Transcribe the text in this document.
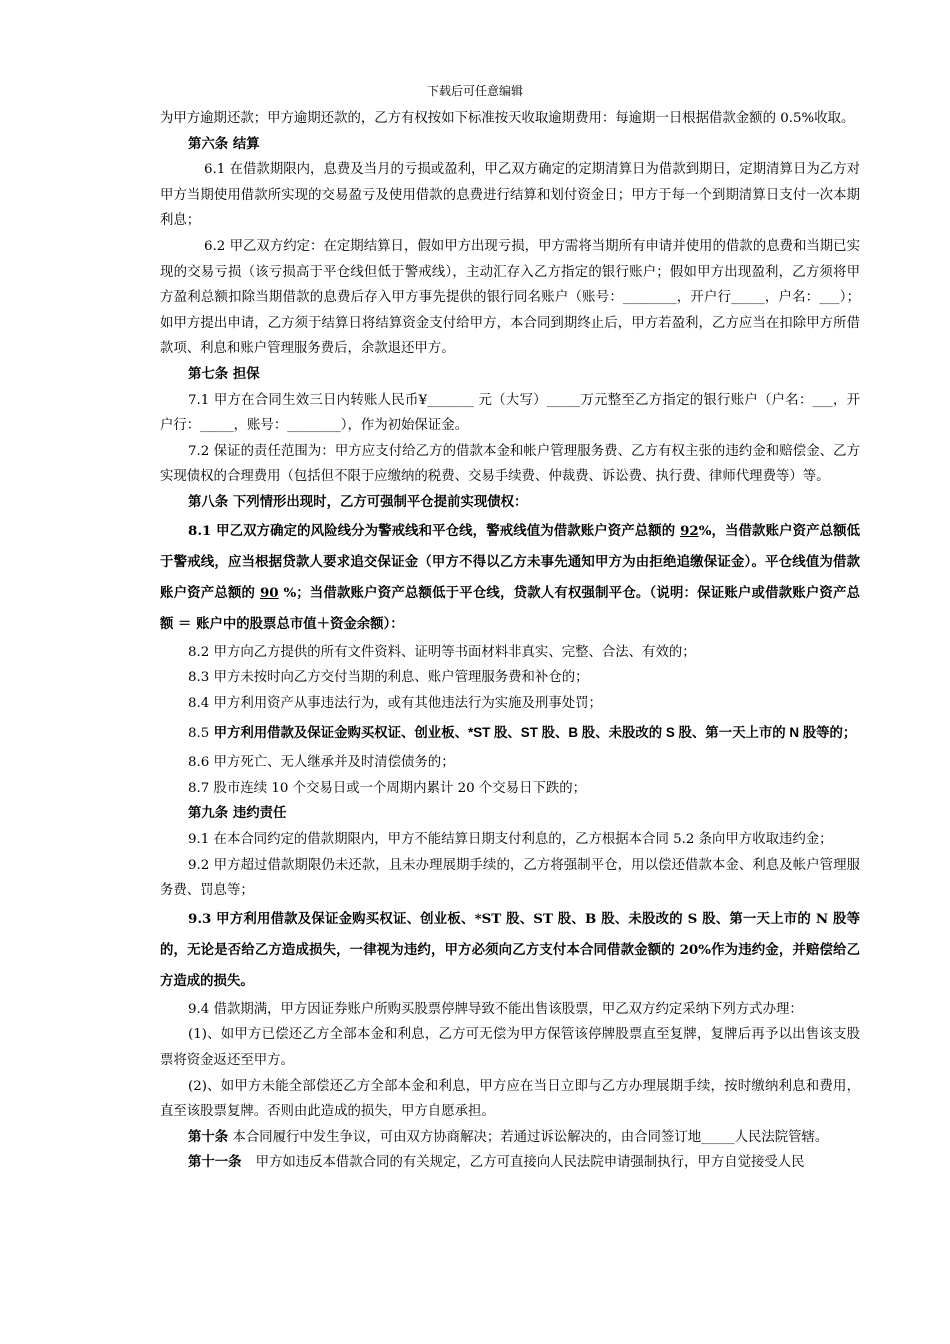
下载后可任意编辑

为甲方逾期还款；甲方逾期还款的，乙方有权按如下标准按天收取逾期费用：每逾期一日根据借款金额的 0.5%收取。

第六条 结算

6.1 在借款期限内，息费及当月的亏损或盈利，甲乙双方确定的定期清算日为借款到期日，定期清算日为乙方对甲方当期使用借款所实现的交易盈亏及使用借款的息费进行结算和划付资金日；甲方于每一个到期清算日支付一次本期利息；

6.2 甲乙双方约定：在定期结算日，假如甲方出现亏损，甲方需将当期所有申请并使用的借款的息费和当期已实现的交易亏损（该亏损高于平仓线但低于警戒线），主动汇存入乙方指定的银行账户；假如甲方出现盈利，乙方须将甲方盈利总额扣除当期借款的息费后存入甲方事先提供的银行同名账户（账号：________，开户行_____，户名：___）；如甲方提出申请，乙方须于结算日将结算资金支付给甲方，本合同到期终止后，甲方若盈利，乙方应当在扣除甲方所借款项、利息和账户管理服务费后，余款退还甲方。

第七条 担保

7.1 甲方在合同生效三日内转账人民币¥_______ 元（大写）_____万元整至乙方指定的银行账户（户名：___，开户行：_____，账号：________），作为初始保证金。

7.2 保证的责任范围为：甲方应支付给乙方的借款本金和帐户管理服务费、乙方有权主张的违约金和赔偿金、乙方实现债权的合理费用（包括但不限于应缴纳的税费、交易手续费、仲裁费、诉讼费、执行费、律师代理费等）等。

第八条 下列情形出现时，乙方可强制平仓提前实现债权：

8.1 甲乙双方确定的风险线分为警戒线和平仓线，警戒线值为借款账户资产总额的 92%，当借款账户资产总额低于警戒线，应当根据贷款人要求追交保证金（甲方不得以乙方未事先通知甲方为由拒绝追缴保证金）。平仓线值为借款账户资产总额的 90 %；当借款账户资产总额低于平仓线，贷款人有权强制平仓。（说明：保证账户或借款账户资产总额 ＝ 账户中的股票总市值＋资金余额）：

8.2 甲方向乙方提供的所有文件资料、证明等书面材料非真实、完整、合法、有效的；

8.3 甲方未按时向乙方交付当期的利息、账户管理服务费和补仓的；

8.4 甲方利用资产从事违法行为，或有其他违法行为实施及刑事处罚；

8.5 甲方利用借款及保证金购买权证、创业板、*ST 股、ST 股、B 股、未股改的 S 股、第一天上市的 N 股等的；

8.6 甲方死亡、无人继承并及时清偿债务的；

8.7 股市连续 10 个交易日或一个周期内累计 20 个交易日下跌的；

第九条 违约责任

9.1 在本合同约定的借款期限内，甲方不能结算日期支付利息的，乙方根据本合同 5.2 条向甲方收取违约金；

9.2 甲方超过借款期限仍未还款，且未办理展期手续的，乙方将强制平仓，用以偿还借款本金、利息及帐户管理服务费、罚息等；

9.3 甲方利用借款及保证金购买权证、创业板、*ST 股、ST 股、B 股、未股改的 S 股、第一天上市的 N 股等的，无论是否给乙方造成损失，一律视为违约，甲方必须向乙方支付本合同借款金额的 20%作为违约金，并赔偿给乙方造成的损失。

9.4 借款期满，甲方因证券账户所购买股票停牌导致不能出售该股票，甲乙双方约定采纳下列方式办理：

(1)、如甲方已偿还乙方全部本金和利息，乙方可无偿为甲方保管该停牌股票直至复牌，复牌后再予以出售该支股票将资金返还至甲方。

(2)、如甲方未能全部偿还乙方全部本金和利息，甲方应在当日立即与乙方办理展期手续，按时缴纳利息和费用，直至该股票复牌。否则由此造成的损失，甲方自愿承担。

第十条 本合同履行中发生争议，可由双方协商解决；若通过诉讼解决的，由合同签订地_____人民法院管辖。

第十一条 甲方如违反本借款合同的有关规定，乙方可直接向人民法院申请强制执行，甲方自觉接受人民
